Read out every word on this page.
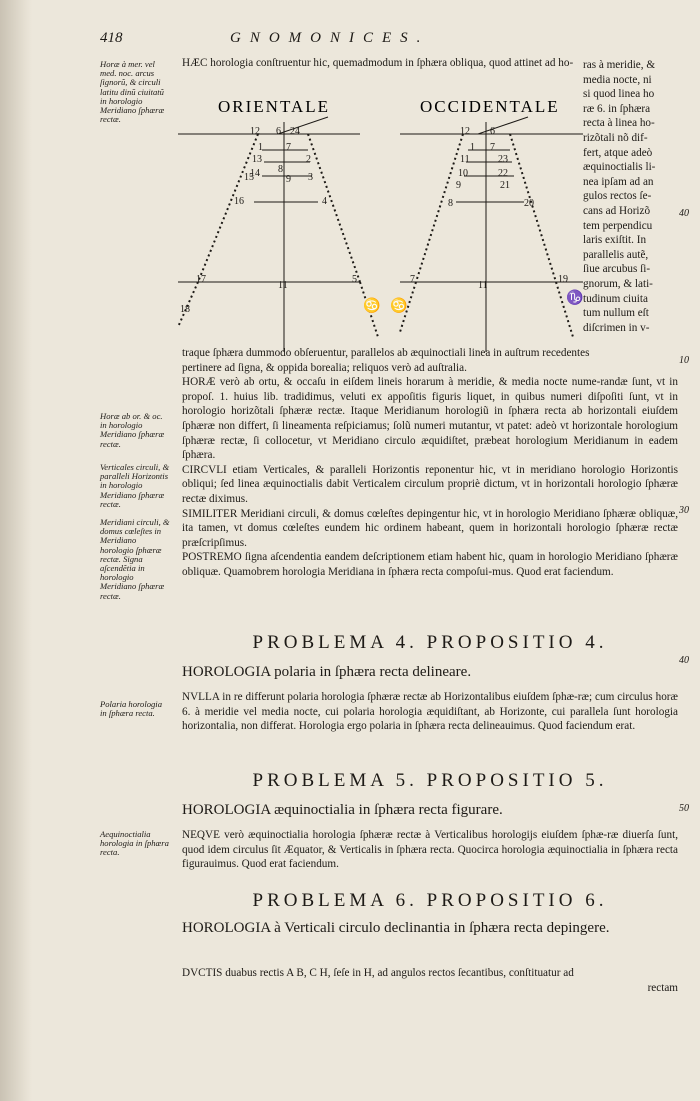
418	GNOMONICES.
Horæ à mer. vel med. noc. arcus ſignorũ, & circuli latitu dinũ ciuitatũ in horologio Meridiano ſphæræ rectæ.
Horæ ab or. & oc. in horologio Meridiano ſphæræ rectæ.
Verticales circuli, & paralleli Horizontis in horologio Meridiano ſphæræ rectæ.
Meridiani circuli, & domus cœleſtes in Meridiano horologio ſphæræ rectæ. Signa aſcendẽtia in horologio Meridiano ſphæræ rectæ.
Polaria horologia in ſphæra recta.
Aequinoctialia horologia in ſphæra recta.
40
10
30
40
50

HÆC horologia conſtruentur hic, quemadmodum in ſphæra obliqua, quod attinet ad ho- ras à meridie, &
media nocte, ni
si quod linea ho
ræ 6. in ſphæra
recta à linea ho-
rizõtali nõ dif-
fert, atque adeò
æquinoctialis li-
nea ipſam ad an
gulos rectos ſe-
cans ad Horizõ
tem perpendicu
laris exiſtit. In
parallelis autẽ,
ſiue arcubus ſi-
gnorum, & lati-
tudinum ciuita
tum nullum eſt
diſcrimen in v-
ORIENTALE	OCCIDENTALE
12 6 24
1 7
13
14 8
2
15	9 3
16	4
17
11
5
18	♋
12 6
1 7
11	23
10	22
9	21
8	20
7
11
19
♋
♑

traque ſphæra dummodo obſeruentur, parallelos ab æquinoctiali linea in auſtrum recedentes

pertinere ad ſigna, & oppida borealia; reliquos verò ad auſtralia.

HORÆ verò ab ortu, & occaſu in eiſdem lineis horarum à meridie, & media nocte nume-randæ ſunt, vt in propoſ. 1. huius lib. tradidimus, veluti ex appoſitis figuris liquet, in quibus numeri diſpoſiti ſunt, vt in horologio horizõtali ſphæræ rectæ. Itaque Meridianum horologiũ in ſphæra recta ab horizontali eiuſdem ſphæræ non differt, ſi lineamenta reſpiciamus; ſolũ numeri mutantur, vt patet: adeò vt horizontale horologium ſphæræ rectæ, ſi collocetur, vt Meridiano circulo æquidiſtet, præbeat horologium Meridianum in eadem ſphæra.

CIRCVLI etiam Verticales, & paralleli Horizontis reponentur hic, vt in meridiano horologio Horizontis obliqui; ſed linea æquinoctialis dabit Verticalem circulum propriè dictum, vt in horizontali horologio ſphæræ rectæ diximus.

SIMILITER Meridiani circuli, & domus cœleſtes depingentur hic, vt in horologio Meridiano ſphæræ obliquæ, ita tamen, vt domus cœleſtes eundem hic ordinem habeant, quem in horizontali horologio ſphæræ rectæ præſcripſimus.

POSTREMO ſigna aſcendentia eandem deſcriptionem etiam habent hic, quam in horologio Meridiano ſphæræ obliquæ. Quamobrem horologia Meridiana in ſphæra recta compoſui-mus. Quod erat faciendum.

PROBLEMA 4. PROPOSITIO 4.
HOROLOGIA polaria in ſphæra recta delineare.

NVLLA in re differunt polaria horologia ſphæræ rectæ ab Horizontalibus eiuſdem ſphæ-ræ; cum circulus horæ 6. à meridie vel media nocte, cui polaria horologia æquidiſtant, ab Horizonte, cui parallela ſunt horologia horizontalia, non differat. Horologia ergo polaria in ſphæra recta delineauimus. Quod faciendum erat.

PROBLEMA 5. PROPOSITIO 5.
HOROLOGIA æquinoctialia in ſphæra recta figurare.

NEQVE verò æquinoctialia horologia ſphæræ rectæ à Verticalibus horologijs eiuſdem ſphæ-ræ diuerſa ſunt, quod idem circulus ſit Æquator, & Verticalis in ſphæra recta. Quocirca horologia æquinoctialia in ſphæra recta figurauimus. Quod erat faciendum.

PROBLEMA 6. PROPOSITIO 6.
HOROLOGIA à Verticali circulo declinantia in ſphæra recta depingere.

DVCTIS duabus rectis A B, C H, ſeſe in H, ad angulos rectos ſecantibus, conſtituatur ad

rectam
